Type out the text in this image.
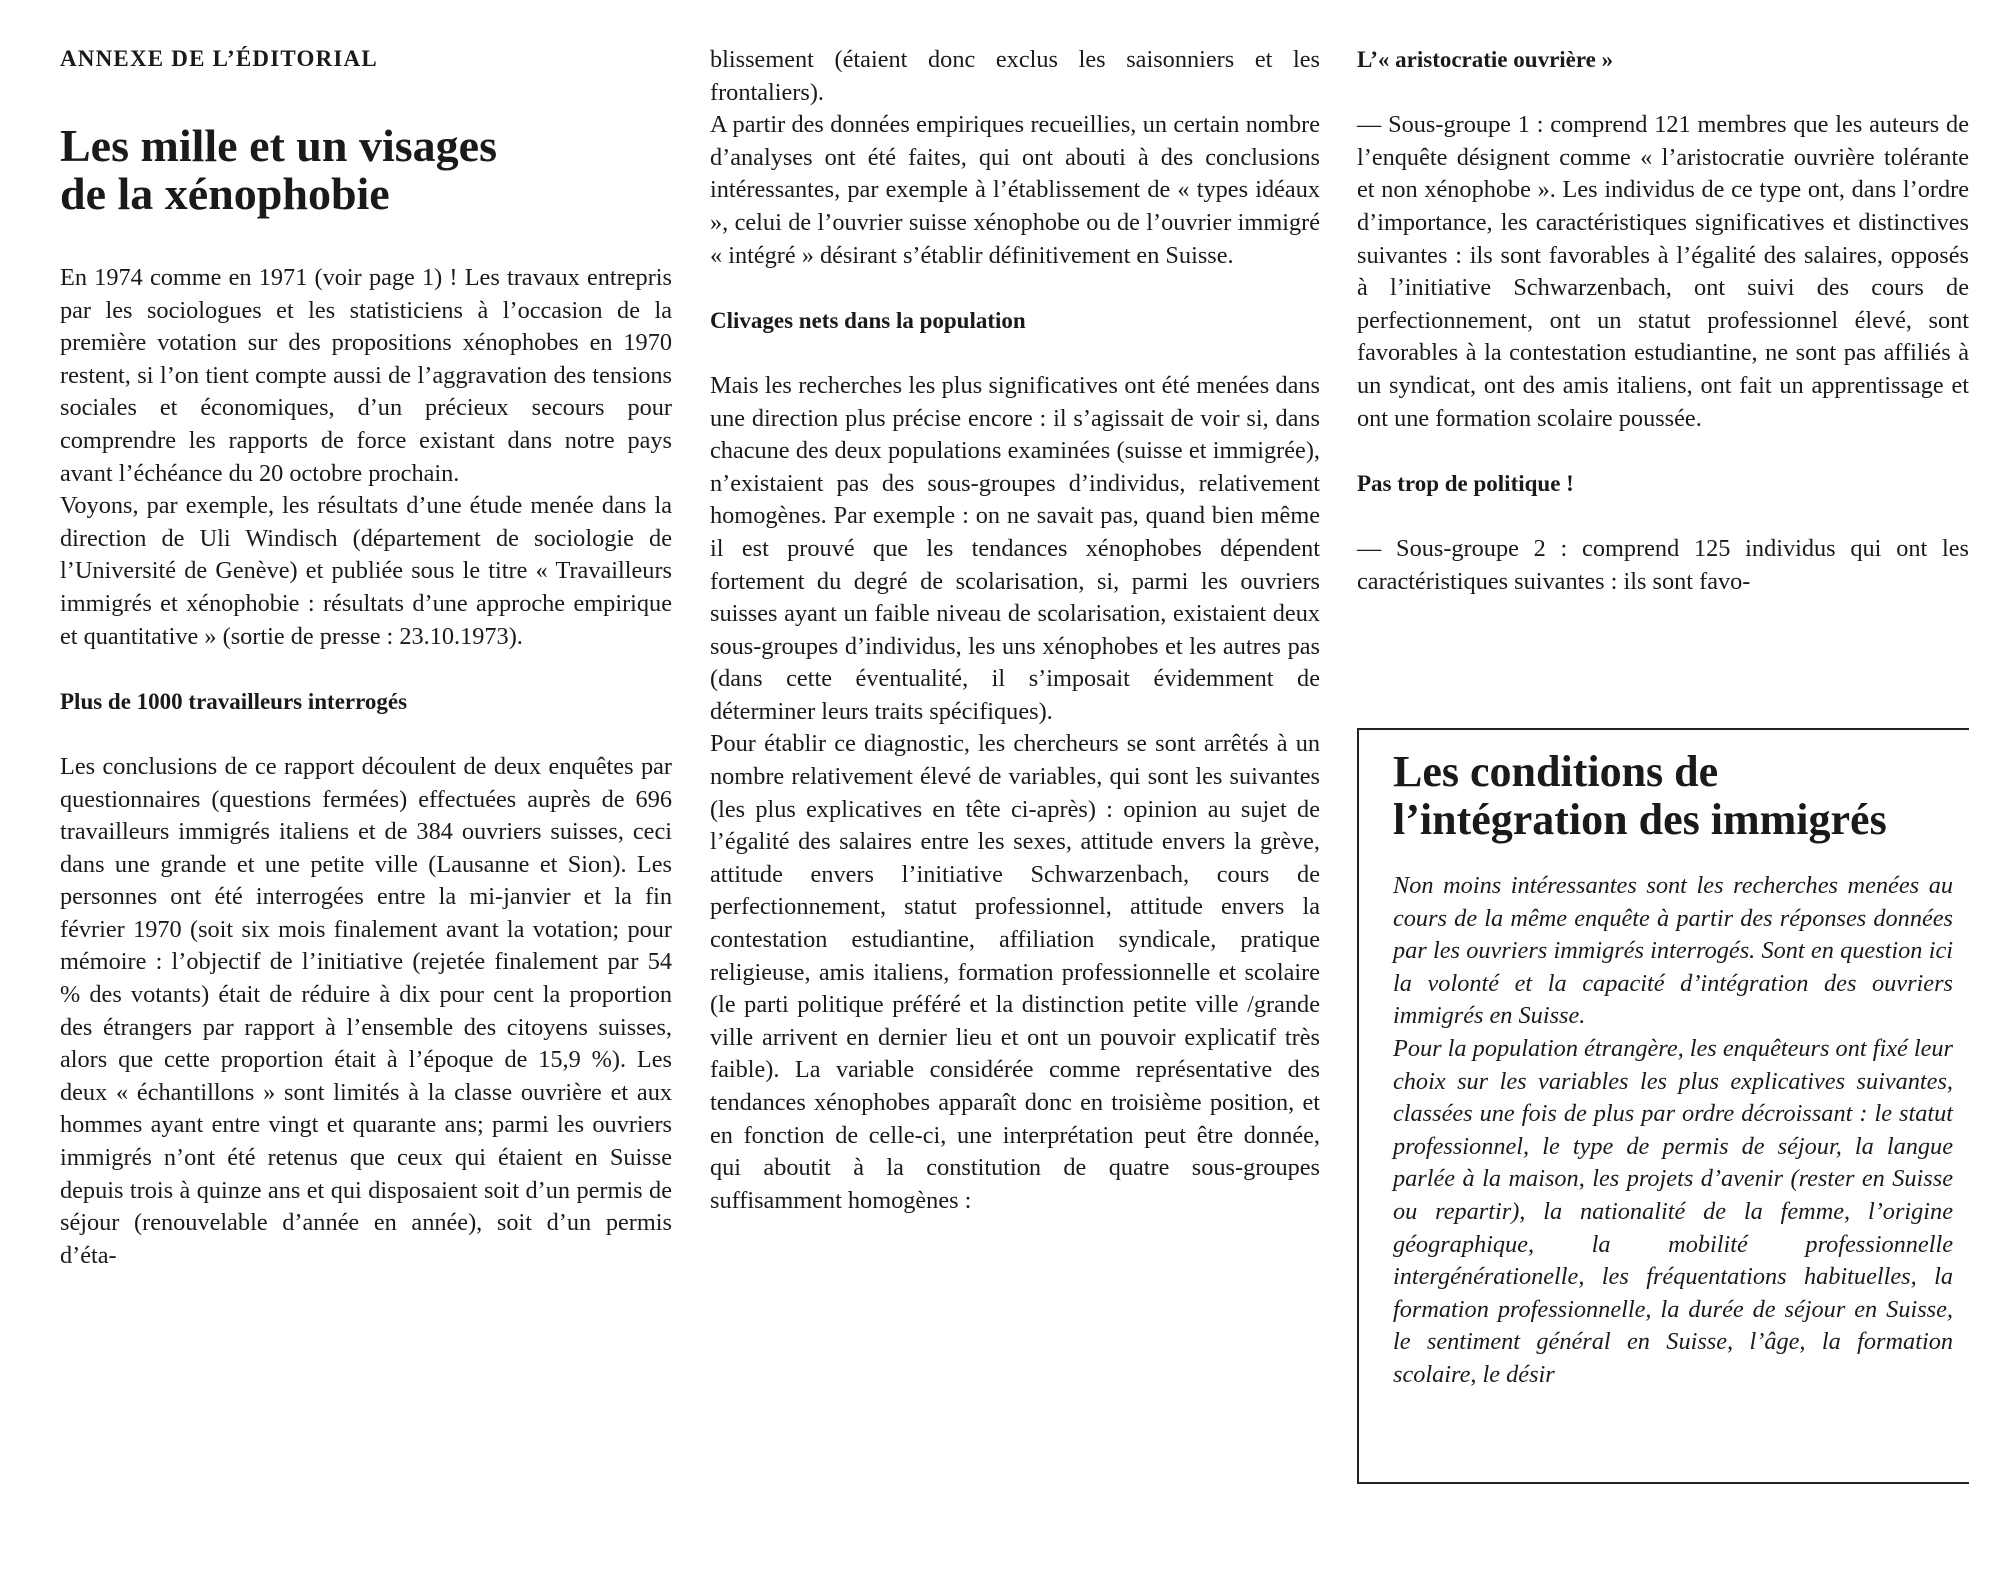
ANNEXE DE L’ÉDITORIAL

Les mille et un visages
de la xénophobie

En 1974 comme en 1971 (voir page 1) ! Les travaux entrepris par les sociologues et les statisticiens à l’occasion de la première votation sur des propositions xénophobes en 1970 restent, si l’on tient compte aussi de l’aggravation des tensions sociales et économiques, d’un précieux secours pour comprendre les rapports de force existant dans notre pays avant l’échéance du 20 octobre prochain.

Voyons, par exemple, les résultats d’une étude menée dans la direction de Uli Windisch (département de sociologie de l’Université de Genève) et publiée sous le titre « Travailleurs immigrés et xénophobie : résultats d’une approche empirique et quantitative » (sortie de presse : 23.10.1973).

Plus de 1000 travailleurs interrogés

Les conclusions de ce rapport découlent de deux enquêtes par questionnaires (questions fermées) effectuées auprès de 696 travailleurs immigrés italiens et de 384 ouvriers suisses, ceci dans une grande et une petite ville (Lausanne et Sion). Les personnes ont été interrogées entre la mi-janvier et la fin février 1970 (soit six mois finalement avant la votation; pour mémoire : l’objectif de l’initiative (rejetée finalement par 54 % des votants) était de réduire à dix pour cent la proportion des étrangers par rapport à l’ensemble des citoyens suisses, alors que cette proportion était à l’époque de 15,9 %). Les deux « échantillons » sont limités à la classe ouvrière et aux hommes ayant entre vingt et quarante ans; parmi les ouvriers immigrés n’ont été retenus que ceux qui étaient en Suisse depuis trois à quinze ans et qui disposaient soit d’un permis de séjour (renouvelable d’année en année), soit d’un permis d’éta-

blissement (étaient donc exclus les saisonniers et les frontaliers).

A partir des données empiriques recueillies, un certain nombre d’analyses ont été faites, qui ont abouti à des conclusions intéressantes, par exemple à l’établissement de « types idéaux », celui de l’ouvrier suisse xénophobe ou de l’ouvrier immigré « intégré » désirant s’établir définitivement en Suisse.

Clivages nets dans la population

Mais les recherches les plus significatives ont été menées dans une direction plus précise encore : il s’agissait de voir si, dans chacune des deux populations examinées (suisse et immigrée), n’existaient pas des sous-groupes d’individus, relativement homogènes. Par exemple : on ne savait pas, quand bien même il est prouvé que les tendances xénophobes dépendent fortement du degré de scolarisation, si, parmi les ouvriers suisses ayant un faible niveau de scolarisation, existaient deux sous-groupes d’individus, les uns xénophobes et les autres pas (dans cette éventualité, il s’imposait évidemment de déterminer leurs traits spécifiques).

Pour établir ce diagnostic, les chercheurs se sont arrêtés à un nombre relativement élevé de variables, qui sont les suivantes (les plus explicatives en tête ci-après) : opinion au sujet de l’égalité des salaires entre les sexes, attitude envers la grève, attitude envers l’initiative Schwarzenbach, cours de perfectionnement, statut professionnel, attitude envers la contestation estudiantine, affiliation syndicale, pratique religieuse, amis italiens, formation professionnelle et scolaire (le parti politique préféré et la distinction petite ville /grande ville arrivent en dernier lieu et ont un pouvoir explicatif très faible). La variable considérée comme représentative des tendances xénophobes apparaît donc en troisième position, et en fonction de celle-ci, une interprétation peut être donnée, qui aboutit à la constitution de quatre sous-groupes suffisamment homogènes :

L’« aristocratie ouvrière »

— Sous-groupe 1 : comprend 121 membres que les auteurs de l’enquête désignent comme « l’aristocratie ouvrière tolérante et non xénophobe ». Les individus de ce type ont, dans l’ordre d’importance, les caractéristiques significatives et distinctives suivantes : ils sont favorables à l’égalité des salaires, opposés à l’initiative Schwarzenbach, ont suivi des cours de perfectionnement, ont un statut professionnel élevé, sont favorables à la contestation estudiantine, ne sont pas affiliés à un syndicat, ont des amis italiens, ont fait un apprentissage et ont une formation scolaire poussée.

Pas trop de politique !

— Sous-groupe 2 : comprend 125 individus qui ont les caractéristiques suivantes : ils sont favo-

Les conditions de
l’intégration des immigrés

Non moins intéressantes sont les recherches menées au cours de la même enquête à partir des réponses données par les ouvriers immigrés interrogés. Sont en question ici la volonté et la capacité d’intégration des ouvriers immigrés en Suisse.

Pour la population étrangère, les enquêteurs ont fixé leur choix sur les variables les plus explicatives suivantes, classées une fois de plus par ordre décroissant : le statut professionnel, le type de permis de séjour, la langue parlée à la maison, les projets d’avenir (rester en Suisse ou repartir), la nationalité de la femme, l’origine géographique, la mobilité professionnelle intergénérationelle, les fréquentations habituelles, la formation professionnelle, la durée de séjour en Suisse, le sentiment général en Suisse, l’âge, la formation scolaire, le désir
